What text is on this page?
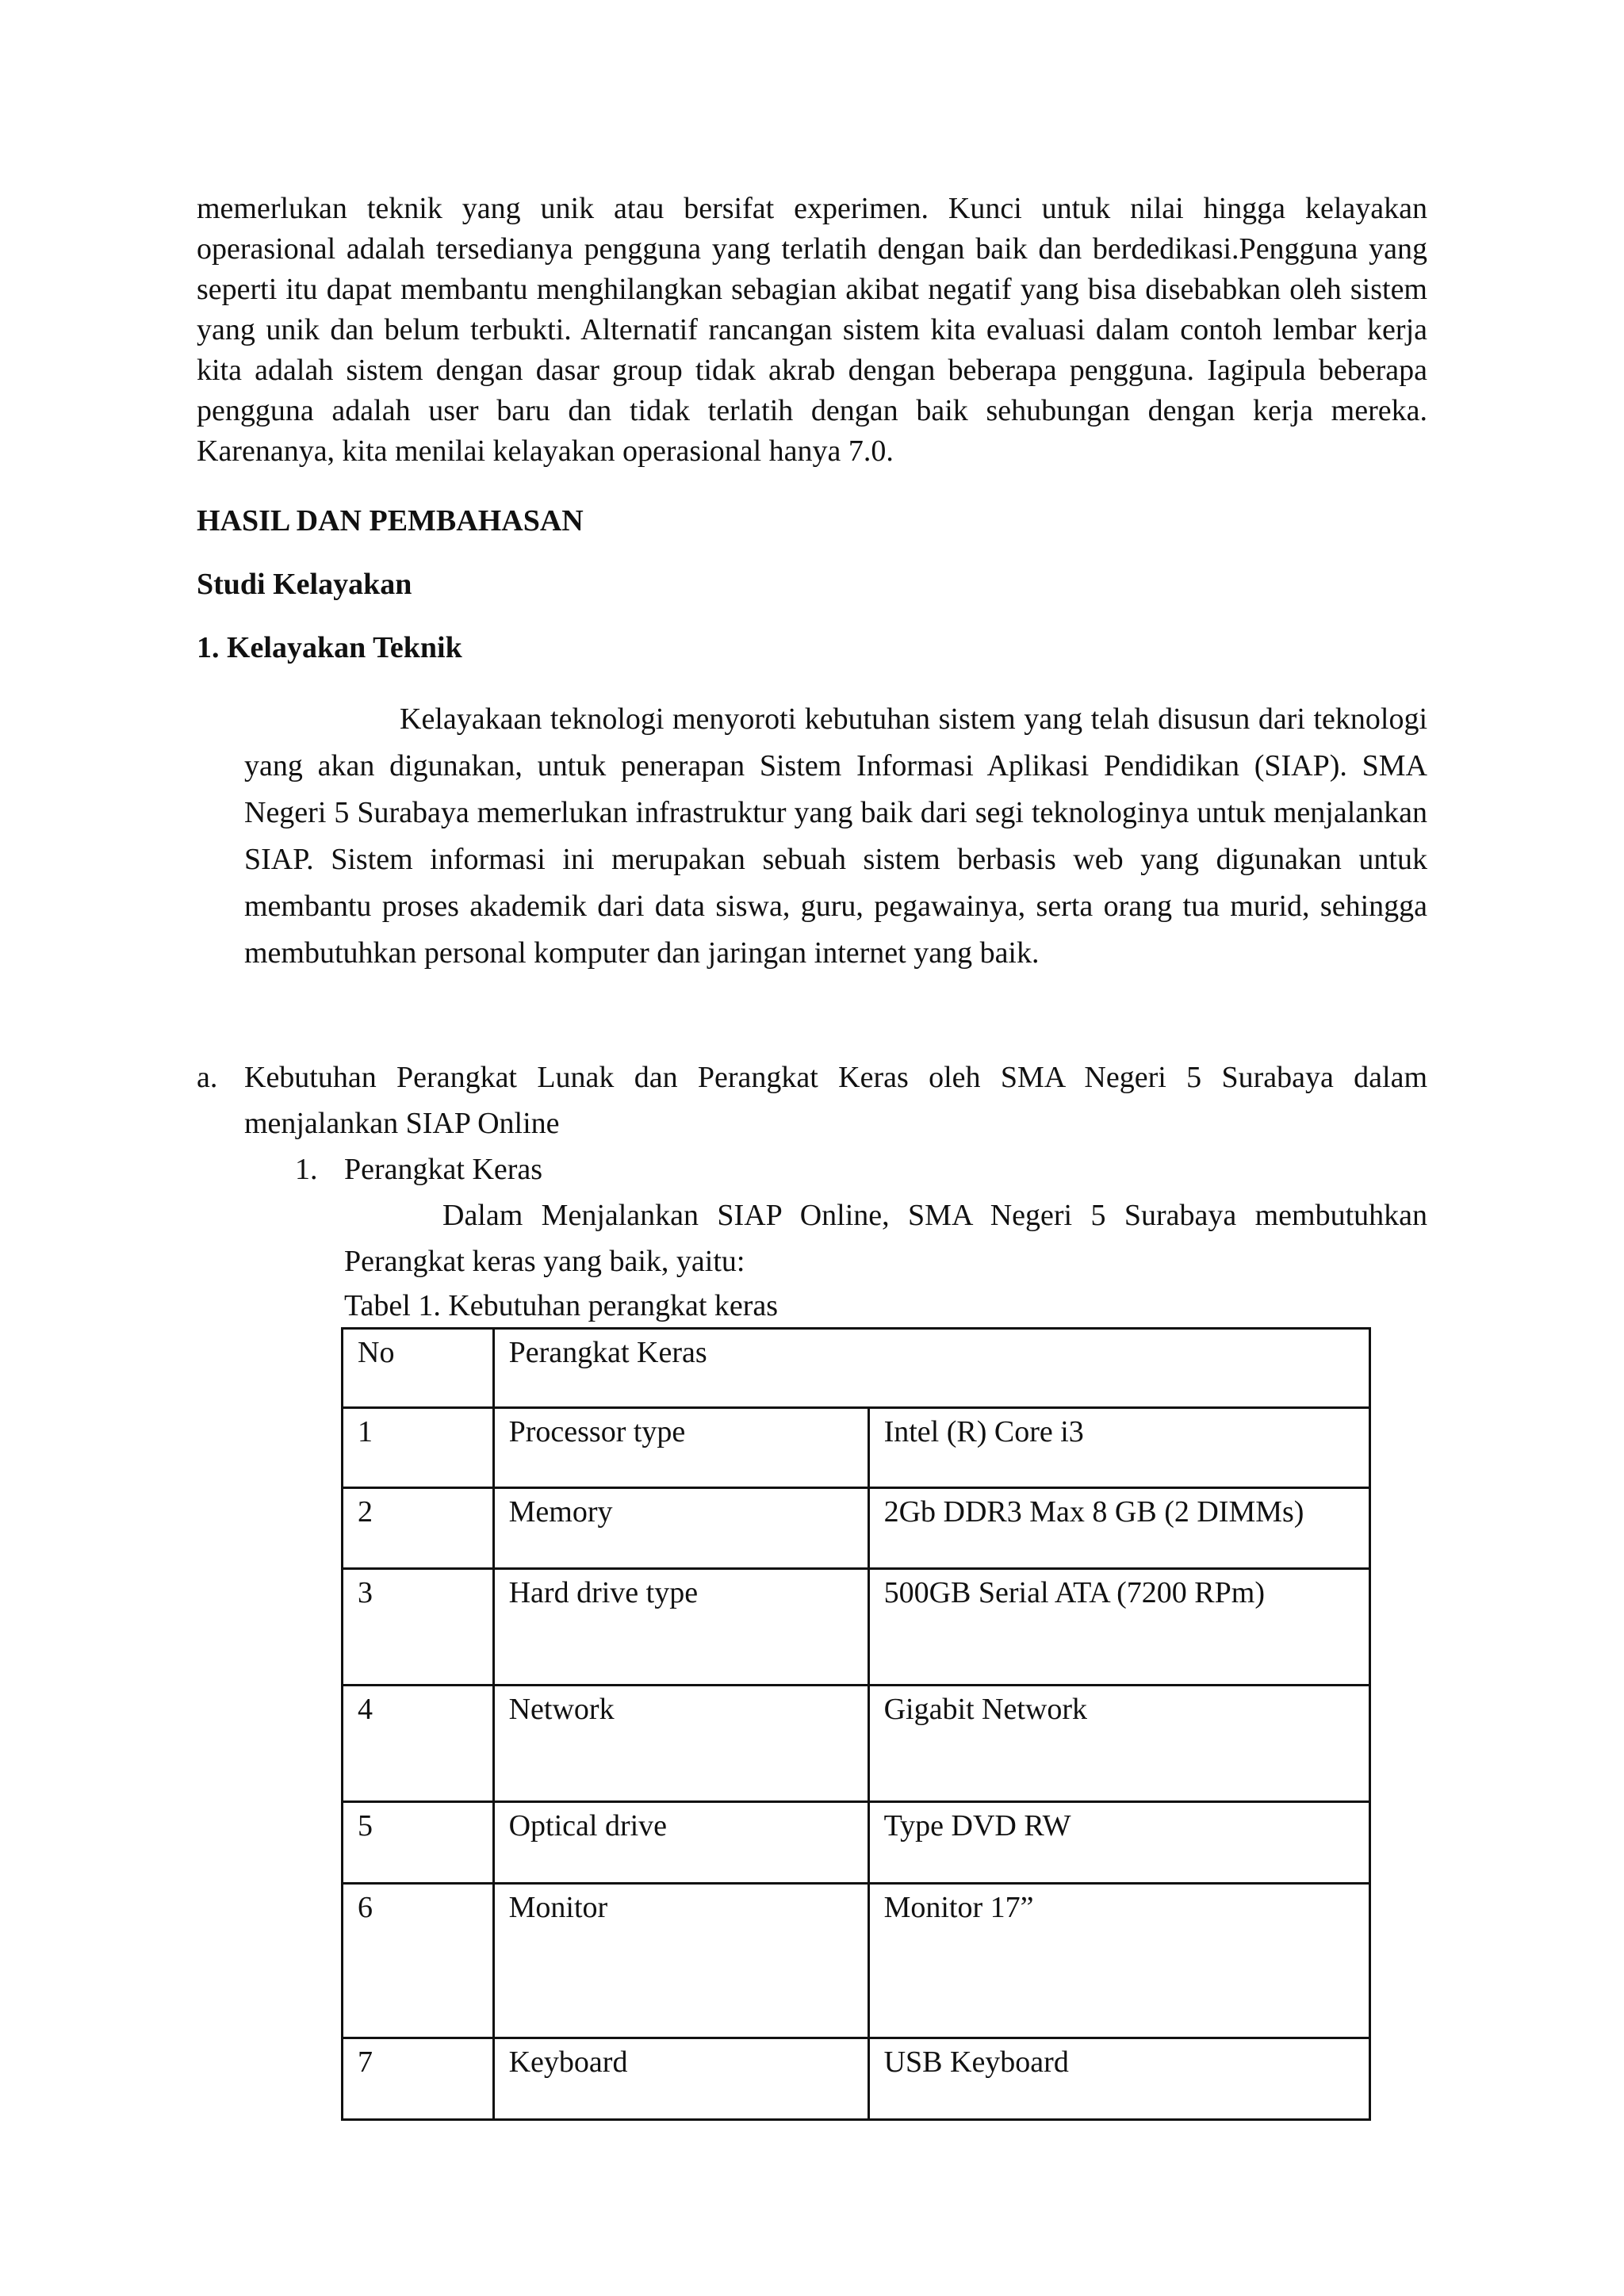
memerlukan teknik yang unik atau bersifat experimen. Kunci untuk nilai hingga kelayakan operasional adalah tersedianya pengguna yang terlatih dengan baik dan berdedikasi.Pengguna yang seperti itu dapat membantu menghilangkan sebagian akibat negatif yang bisa disebabkan oleh sistem yang unik dan belum terbukti. Alternatif rancangan sistem kita evaluasi dalam contoh lembar kerja kita adalah sistem dengan dasar group tidak akrab dengan beberapa pengguna. Iagipula beberapa pengguna adalah user baru dan tidak terlatih dengan baik sehubungan dengan kerja mereka. Karenanya, kita menilai kelayakan operasional hanya 7.0.

HASIL DAN PEMBAHASAN
Studi Kelayakan
1. Kelayakan Teknik

Kelayakaan teknologi menyoroti kebutuhan sistem yang telah disusun dari teknologi yang akan digunakan, untuk penerapan Sistem Informasi Aplikasi Pendidikan (SIAP). SMA Negeri 5 Surabaya memerlukan infrastruktur yang baik dari segi teknologinya untuk menjalankan SIAP. Sistem informasi ini merupakan sebuah sistem berbasis web yang digunakan untuk membantu proses akademik dari data siswa, guru, pegawainya, serta orang tua murid, sehingga membutuhkan personal komputer dan jaringan internet yang baik.

a. Kebutuhan Perangkat Lunak dan Perangkat Keras oleh SMA Negeri 5 Surabaya dalam menjalankan SIAP Online
1. Perangkat Keras

Dalam Menjalankan SIAP Online, SMA Negeri 5 Surabaya membutuhkan Perangkat keras yang baik, yaitu:

Tabel 1. Kebutuhan perangkat keras

No	Perangkat Keras	
1	Processor type	Intel (R) Core i3
2	Memory	2Gb DDR3 Max 8 GB (2 DIMMs)
3	Hard drive type	500GB Serial ATA (7200 RPm)
4	Network	Gigabit Network
5	Optical drive	Type DVD RW
6	Monitor	Monitor 17”
7	Keyboard	USB Keyboard
